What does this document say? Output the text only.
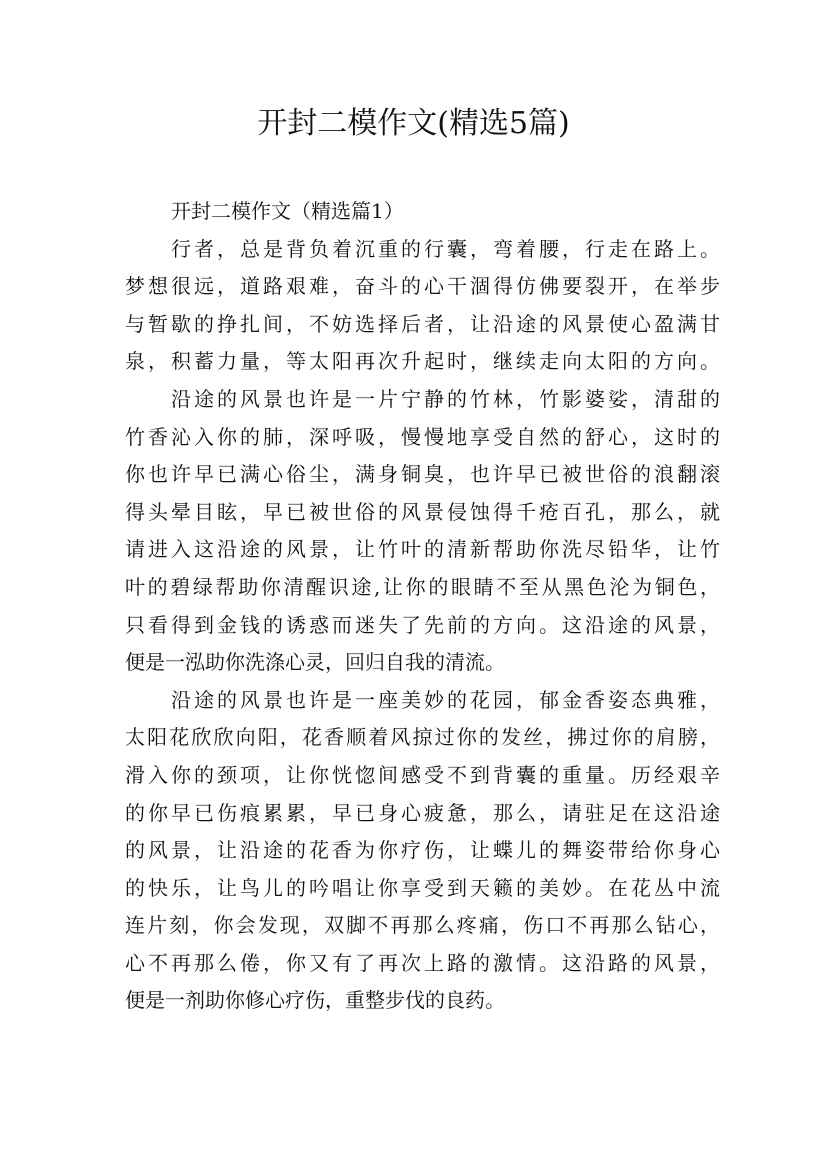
开封二模作文(精选5篇)
开封二模作文（精选篇1）
行者，总是背负着沉重的行囊，弯着腰，行走在路上。
梦想很远，道路艰难，奋斗的心干涸得仿佛要裂开，在举步
与暂歇的挣扎间，不妨选择后者，让沿途的风景使心盈满甘
泉，积蓄力量，等太阳再次升起时，继续走向太阳的方向。
沿途的风景也许是一片宁静的竹林，竹影婆娑，清甜的
竹香沁入你的肺，深呼吸，慢慢地享受自然的舒心，这时的
你也许早已满心俗尘，满身铜臭，也许早已被世俗的浪翻滚
得头晕目眩，早已被世俗的风景侵蚀得千疮百孔，那么，就
请进入这沿途的风景，让竹叶的清新帮助你洗尽铅华，让竹
叶的碧绿帮助你清醒识途,让你的眼睛不至从黑色沦为铜色，
只看得到金钱的诱惑而迷失了先前的方向。这沿途的风景，
便是一泓助你洗涤心灵，回归自我的清流。
沿途的风景也许是一座美妙的花园，郁金香姿态典雅，
太阳花欣欣向阳，花香顺着风掠过你的发丝，拂过你的肩膀，
滑入你的颈项，让你恍惚间感受不到背囊的重量。历经艰辛
的你早已伤痕累累，早已身心疲惫，那么，请驻足在这沿途
的风景，让沿途的花香为你疗伤，让蝶儿的舞姿带给你身心
的快乐，让鸟儿的吟唱让你享受到天籁的美妙。在花丛中流
连片刻，你会发现，双脚不再那么疼痛，伤口不再那么钻心，
心不再那么倦，你又有了再次上路的激情。这沿路的风景，
便是一剂助你修心疗伤，重整步伐的良药。
